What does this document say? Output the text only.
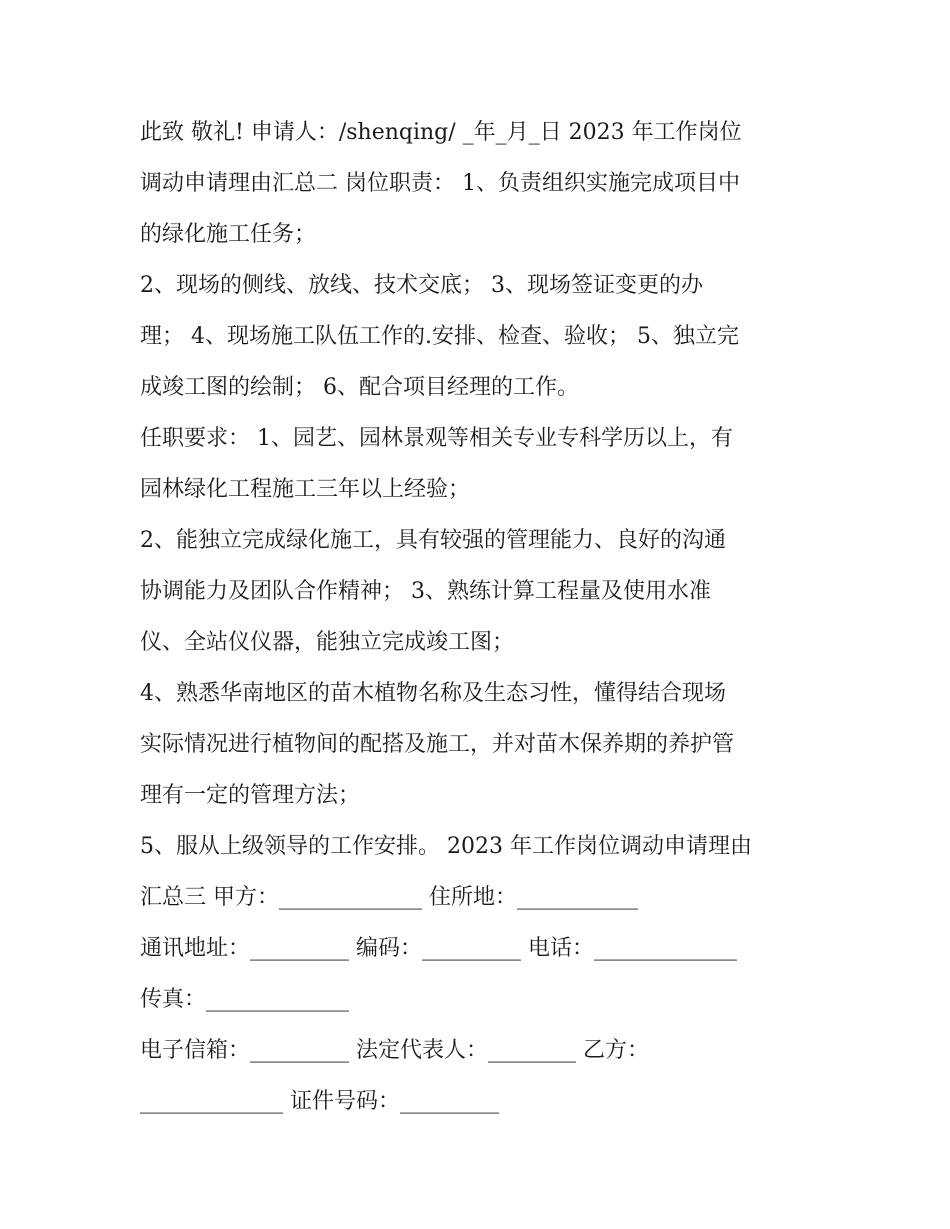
此致 敬礼! 申请人：/shenqing/ _年_月_日 2023 年工作岗位
调动申请理由汇总二 岗位职责： 1、负责组织实施完成项目中
的绿化施工任务；
2、现场的侧线、放线、技术交底； 3、现场签证变更的办
理； 4、现场施工队伍工作的.安排、检查、验收； 5、独立完
成竣工图的绘制； 6、配合项目经理的工作。
任职要求： 1、园艺、园林景观等相关专业专科学历以上，有
园林绿化工程施工三年以上经验；
2、能独立完成绿化施工，具有较强的管理能力、良好的沟通
协调能力及团队合作精神； 3、熟练计算工程量及使用水准
仪、全站仪仪器，能独立完成竣工图；
4、熟悉华南地区的苗木植物名称及生态习性，懂得结合现场
实际情况进行植物间的配搭及施工，并对苗木保养期的养护管
理有一定的管理方法；
5、服从上级领导的工作安排。 2023 年工作岗位调动申请理由
汇总三 甲方：_____________ 住所地：___________
通讯地址：_________ 编码：_________ 电话：_____________
传真：_____________
电子信箱：_________ 法定代表人：________ 乙方：
_____________ 证件号码：_________
